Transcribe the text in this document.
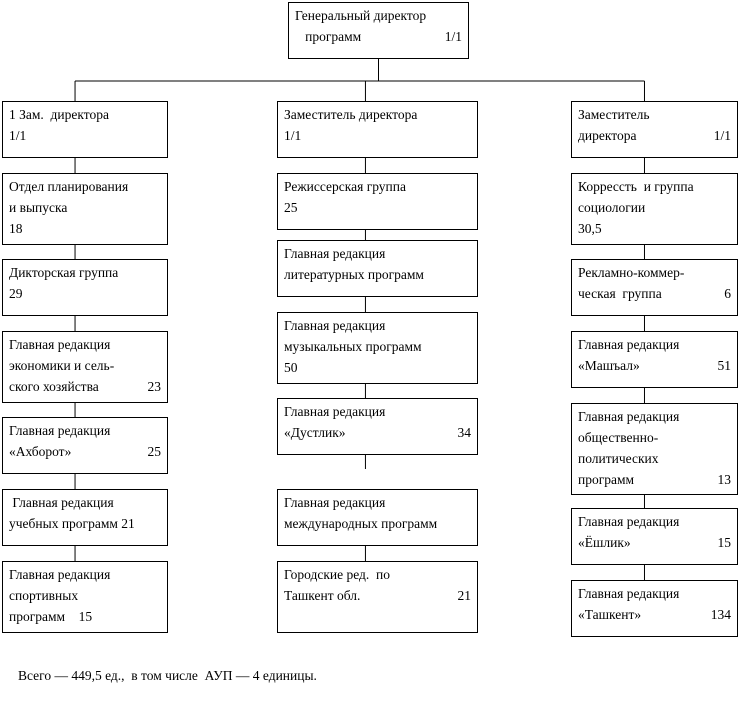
Генеральный директор
программ	1/1
1 Зам.  директора
1/1
Отдел планирования
и выпуска
18
Дикторская группа
29
Главная редакция
экономики и сель-
ского хозяйства	23
Главная редакция
«Ахборот»	25
Главная редакция
учебных программ 21
Главная редакция
спортивных
программ    15
Заместитель директора
1/1
Режиссерская группа
25
Главная редакция
литературных программ
Главная редакция
музыкальных программ
50
Главная редакция
«Дустлик»	34
Главная редакция
международных программ
Городские ред.  по
Ташкент обл.	21
Заместитель
директора	1/1
Коррессть  и группа
социологии
30,5
Рекламно-коммер-
ческая  группа	6
Главная редакция
«Машъал»	51
Главная редакция
общественно-
политических
программ	13
Главная редакция
«Ёшлик»	15
Главная редакция
«Ташкент»	134
Всего — 449,5 ед.,  в том числе  АУП — 4 единицы.
